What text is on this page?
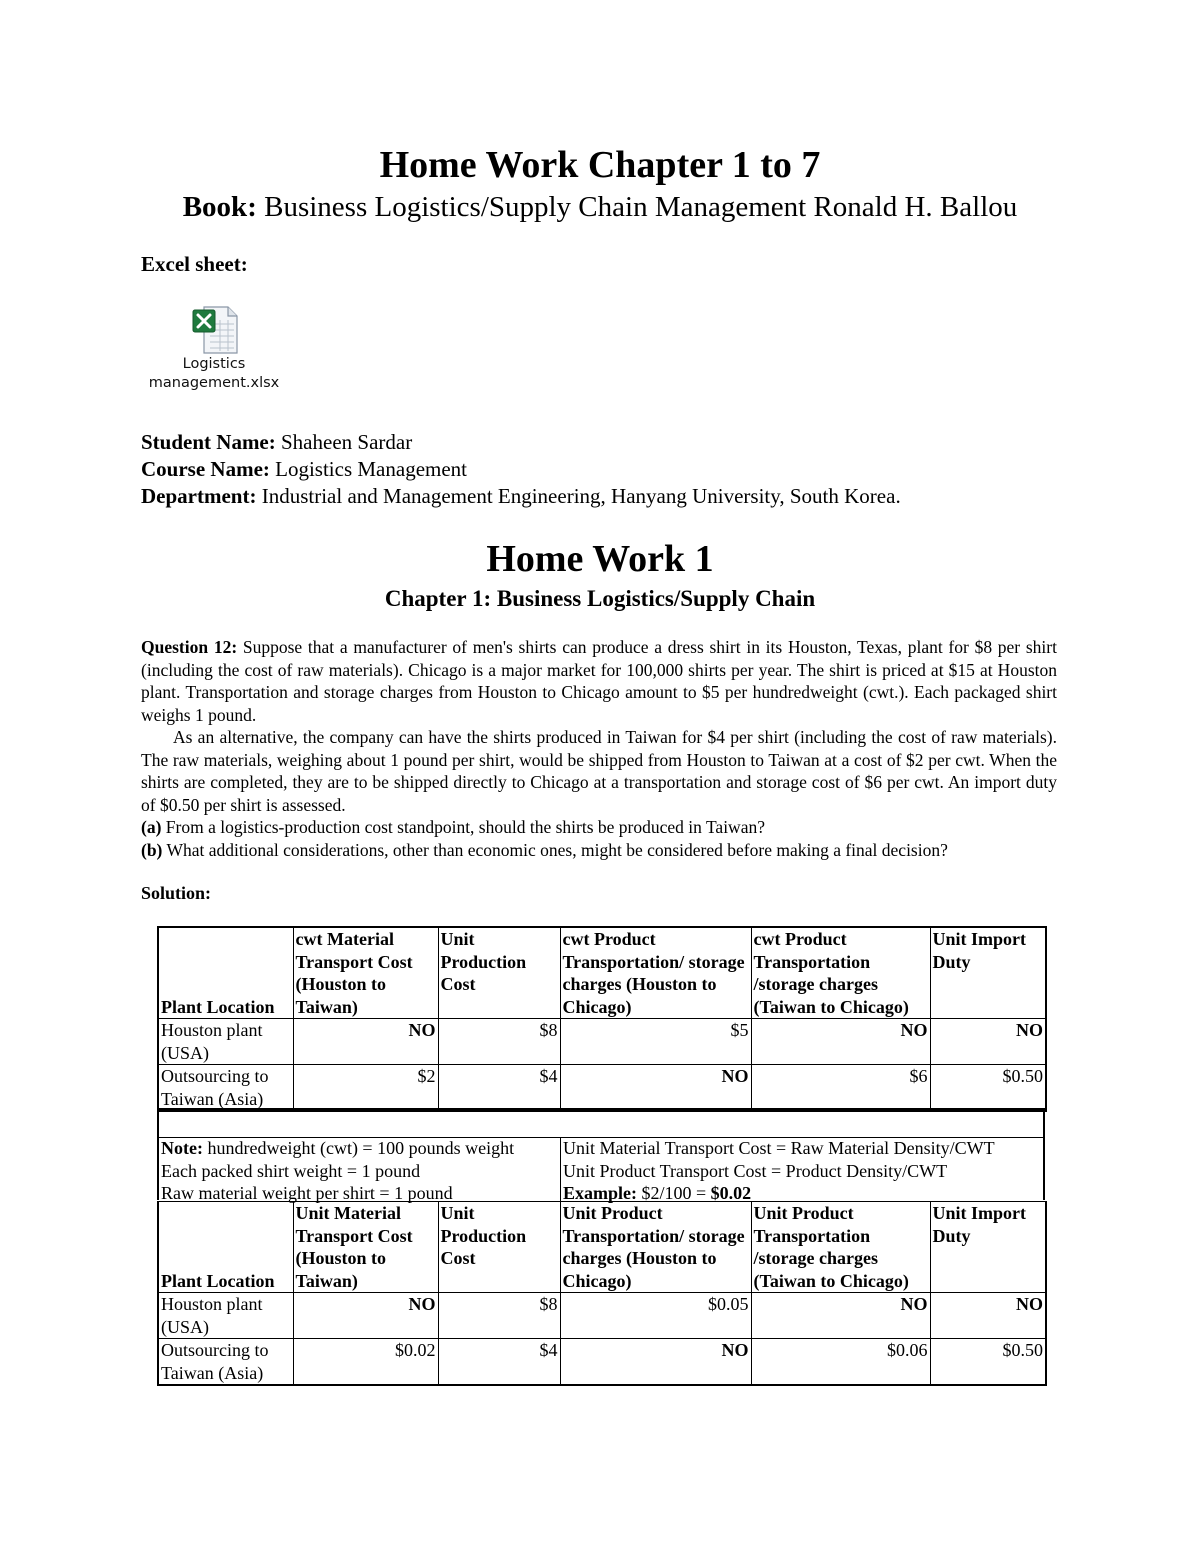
Home Work Chapter 1 to 7
Book: Business Logistics/Supply Chain Management Ronald H. Ballou
Excel sheet:
Logistics
management.xlsx
Student Name: Shaheen Sardar
Course Name: Logistics Management
Department: Industrial and Management Engineering, Hanyang University, South Korea.
Home Work 1
Chapter 1: Business Logistics/Supply Chain

Question 12: Suppose that a manufacturer of men's shirts can produce a dress shirt in its Houston, Texas, plant for $8 per shirt (including the cost of raw materials). Chicago is a major market for 100,000 shirts per year. The shirt is priced at $15 at Houston plant. Transportation and storage charges from Houston to Chicago amount to $5 per hundredweight (cwt.). Each packaged shirt weighs 1 pound.

As an alternative, the company can have the shirts produced in Taiwan for $4 per shirt (including the cost of raw materials). The raw materials, weighing about 1 pound per shirt, would be shipped from Houston to Taiwan at a cost of $2 per cwt. When the shirts are completed, they are to be shipped directly to Chicago at a transportation and storage cost of $6 per cwt. An import duty of $0.50 per shirt is assessed.

(a) From a logistics-production cost standpoint, should the shirts be produced in Taiwan?

(b) What additional considerations, other than economic ones, might be considered before making a final decision?

Solution:
Plant Location	cwt Material Transport Cost (Houston to Taiwan)	Unit Production Cost	cwt Product Transportation/ storage charges (Houston to Chicago)	cwt Product Transportation /storage charges (Taiwan to Chicago)	Unit Import Duty
Houston plant (USA)	NO	$8	$5	NO	NO
Outsourcing to Taiwan (Asia)	$2	$4	NO	$6	$0.50
Note: hundredweight (cwt) = 100 pounds weight
Each packed shirt weight = 1 pound
Raw material weight per shirt = 1 pound
Unit Material Transport Cost = Raw Material Density/CWT
Unit Product Transport Cost = Product Density/CWT
Example: $2/100 = $0.02
Plant Location	Unit Material Transport Cost (Houston to Taiwan)	Unit Production Cost	Unit Product Transportation/ storage charges (Houston to Chicago)	Unit Product Transportation /storage charges (Taiwan to Chicago)	Unit Import Duty
Houston plant (USA)	NO	$8	$0.05	NO	NO
Outsourcing to Taiwan (Asia)	$0.02	$4	NO	$0.06	$0.50
